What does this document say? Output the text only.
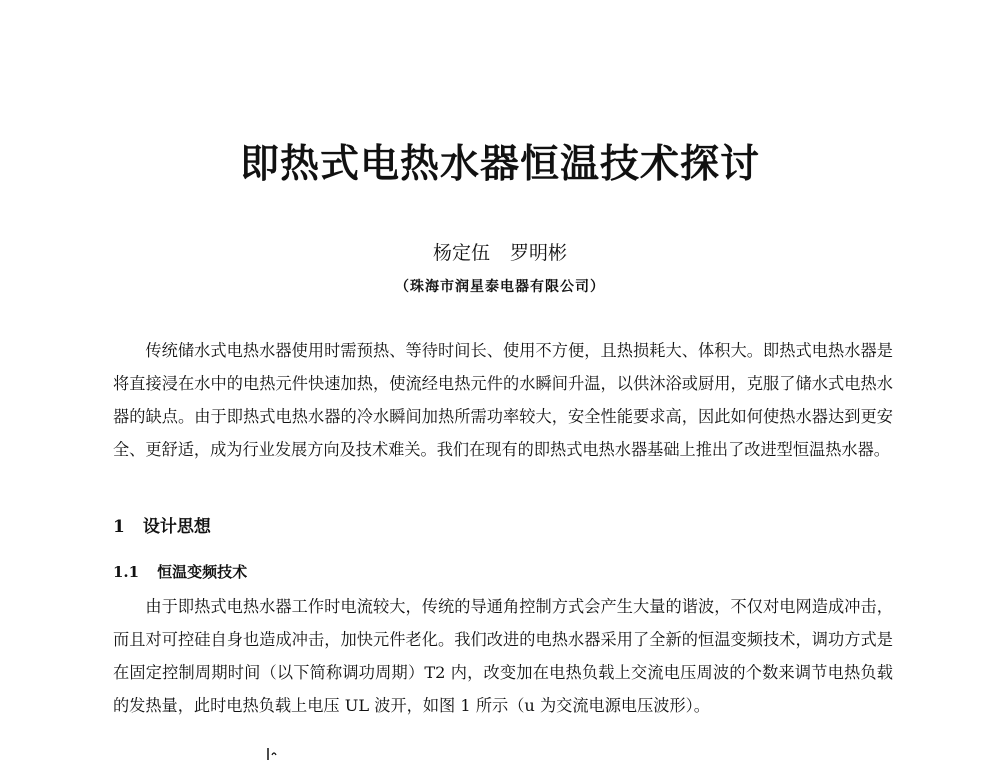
即热式电热水器恒温技术探讨
杨定伍 罗明彬
（珠海市润星泰电器有限公司）

传统储水式电热水器使用时需预热、等待时间长、使用不方便，且热损耗大、体积大。即热式电热水器是将直接浸在水中的电热元件快速加热，使流经电热元件的水瞬间升温，以供沐浴或厨用，克服了储水式电热水器的缺点。由于即热式电热水器的冷水瞬间加热所需功率较大，安全性能要求高，因此如何使热水器达到更安全、更舒适，成为行业发展方向及技术难关。我们在现有的即热式电热水器基础上推出了改进型恒温热水器。

1 设计思想
1.1 恒温变频技术

由于即热式电热水器工作时电流较大，传统的导通角控制方式会产生大量的谐波，不仅对电网造成冲击，而且对可控硅自身也造成冲击，加快元件老化。我们改进的电热水器采用了全新的恒温变频技术，调功方式是在固定控制周期时间（以下简称调功周期）T2 内，改变加在电热负载上交流电压周波的个数来调节电热负载的发热量，此时电热负载上电压 UL 波开，如图 1 所示（u 为交流电源电压波形）。
